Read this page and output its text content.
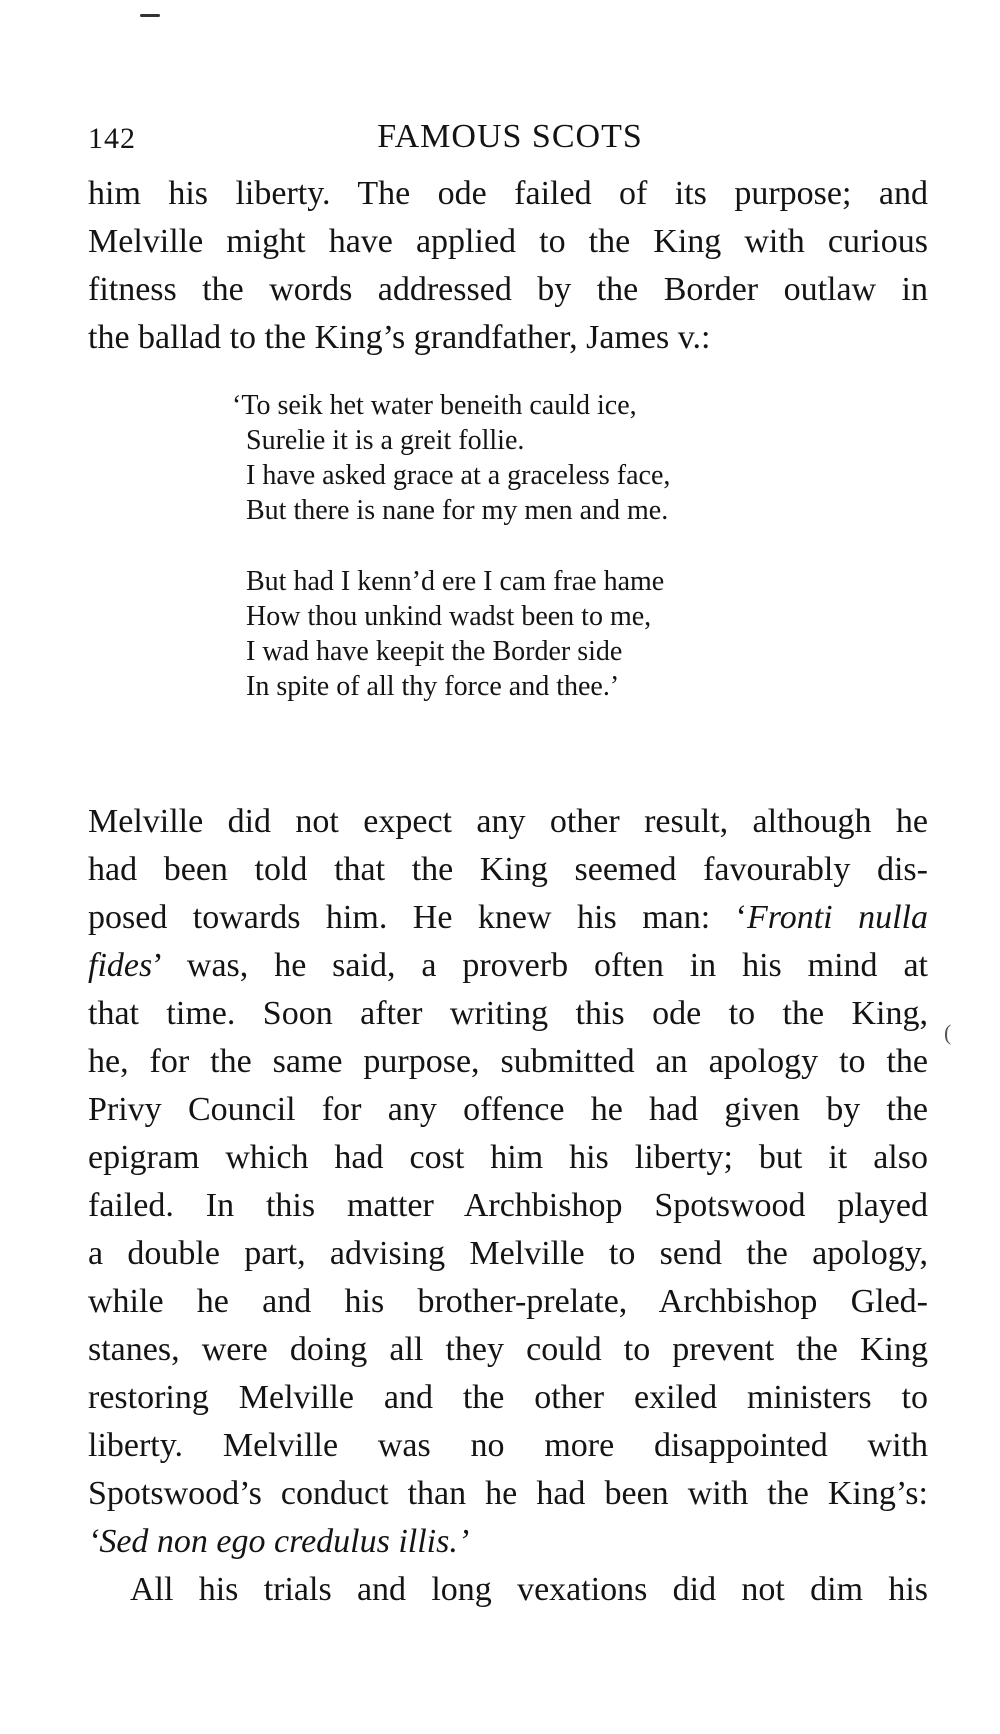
142	FAMOUS SCOTS
him his liberty. The ode failed of its purpose; and
Melville might have applied to the King with curious
fitness the words addressed by the Border outlaw in
the ballad to the King’s grandfather, James v.:
‘To seik het water beneith cauld ice,
Surelie it is a greit follie.
I have asked grace at a graceless face,
But there is nane for my men and me.
But had I kenn’d ere I cam frae hame
How thou unkind wadst been to me,
I wad have keepit the Border side
In spite of all thy force and thee.’
Melville did not expect any other result, although he
had been told that the King seemed favourably dis-
posed towards him. He knew his man: ‘Fronti nulla
fides’ was, he said, a proverb often in his mind at
that time. Soon after writing this ode to the King,
he, for the same purpose, submitted an apology to the
Privy Council for any offence he had given by the
epigram which had cost him his liberty; but it also
failed. In this matter Archbishop Spotswood played
a double part, advising Melville to send the apology,
while he and his brother-prelate, Archbishop Gled-
stanes, were doing all they could to prevent the King
restoring Melville and the other exiled ministers to
liberty. Melville was no more disappointed with
Spotswood’s conduct than he had been with the King’s:
‘Sed non ego credulus illis.’
All his trials and long vexations did not dim his
(
